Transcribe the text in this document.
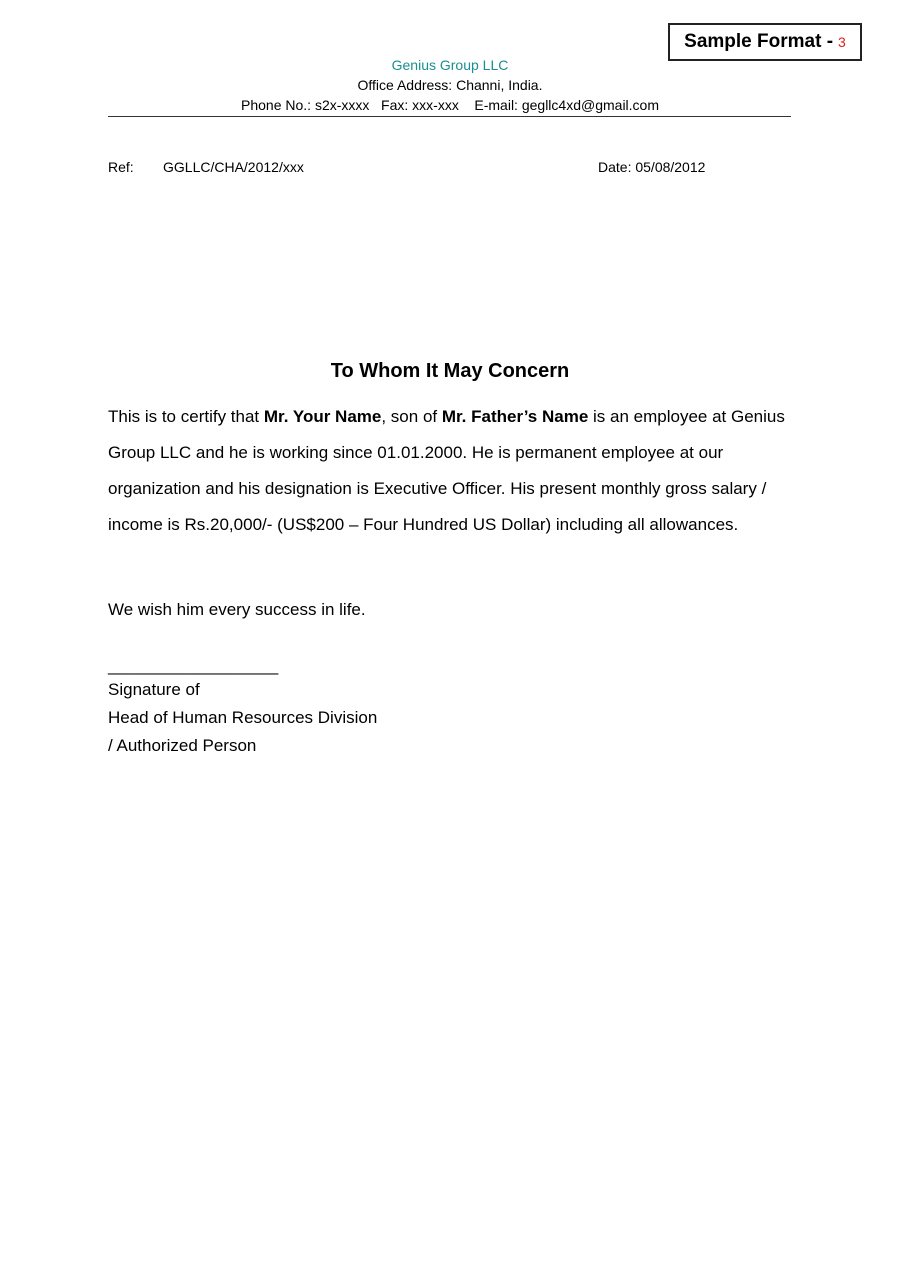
Sample Format - 3
Genius Group LLC
Office Address: Channi, India.
Phone No.: s2x-xxxx   Fax: xxx-xxx    E-mail: gegllc4xd@gmail.com
Ref: GGLLC/CHA/2012/xxx	Date: 05/08/2012
To Whom It May Concern
This is to certify that Mr. Your Name, son of Mr. Father’s Name is an employee at Genius Group LLC and he is working since 01.01.2000. He is permanent employee at our organization and his designation is Executive Officer. His present monthly gross salary / income is Rs.20,000/- (US$200 – Four Hundred US Dollar) including all allowances.
We wish him every success in life.
__________________
Signature of
Head of Human Resources Division
/ Authorized Person
